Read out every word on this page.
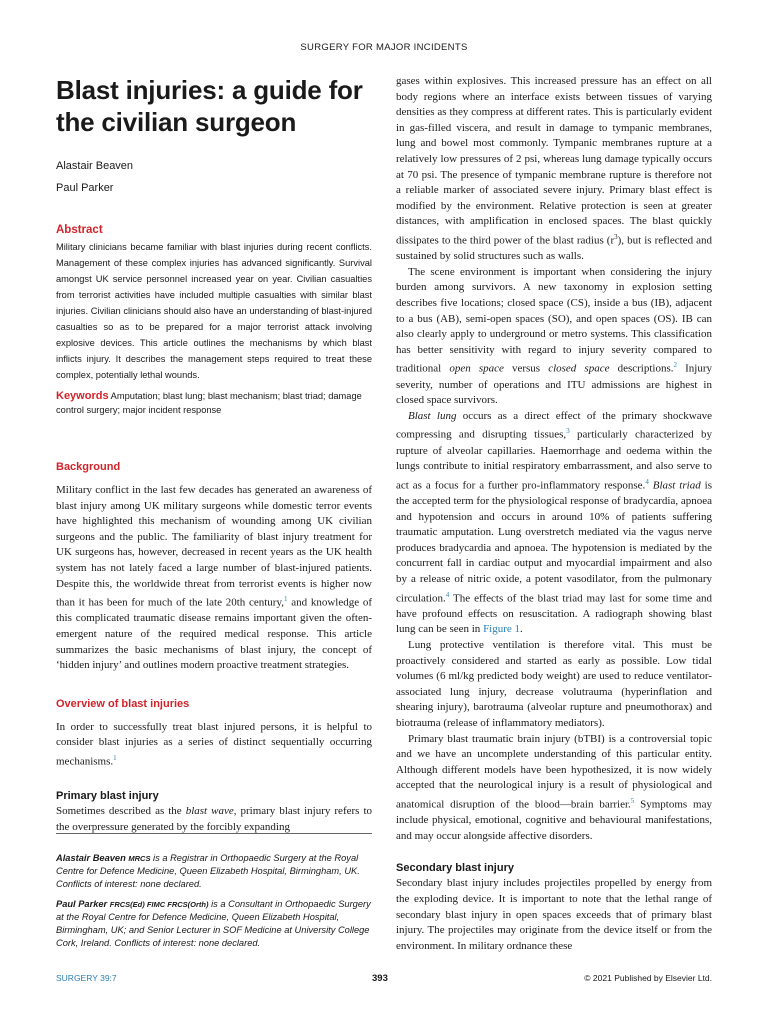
SURGERY FOR MAJOR INCIDENTS
Blast injuries: a guide for the civilian surgeon

Alastair Beaven

Paul Parker

Abstract

Military clinicians became familiar with blast injuries during recent conflicts. Management of these complex injuries has advanced significantly. Survival amongst UK service personnel increased year on year. Civilian casualties from terrorist activities have included multiple casualties with similar blast injuries. Civilian clinicians should also have an understanding of blast-injured casualties so as to be prepared for a major terrorist attack involving explosive devices. This article outlines the mechanisms by which blast inflicts injury. It describes the management steps required to treat these complex, potentially lethal wounds.

Keywords Amputation; blast lung; blast mechanism; blast triad; damage control surgery; major incident response

Background

Military conflict in the last few decades has generated an awareness of blast injury among UK military surgeons while domestic terror events have highlighted this mechanism of wounding among UK civilian surgeons and the public. The familiarity of blast injury treatment for UK surgeons has, however, decreased in recent years as the UK health system has not lately faced a large number of blast-injured patients. Despite this, the worldwide threat from terrorist events is higher now than it has been for much of the late 20th century,$^1$ and knowledge of this complicated traumatic disease remains important given the often-emergent nature of the required medical response. This article summarizes the basic mechanisms of blast injury, the concept of ‘hidden injury’ and outlines modern proactive treatment strategies.

Overview of blast injuries

In order to successfully treat blast injured persons, it is helpful to consider blast injuries as a series of distinct sequentially occurring mechanisms.$^1$

Primary blast injury

Sometimes described as the blast wave, primary blast injury refers to the overpressure generated by the forcibly expanding

Alastair Beaven MRCS is a Registrar in Orthopaedic Surgery at the Royal Centre for Defence Medicine, Queen Elizabeth Hospital, Birmingham, UK. Conflicts of interest: none declared.

Paul Parker FRCS(Ed) FIMC FRCS(Orth) is a Consultant in Orthopaedic Surgery at the Royal Centre for Defence Medicine, Queen Elizabeth Hospital, Birmingham, UK; and Senior Lecturer in SOF Medicine at University College Cork, Ireland. Conflicts of interest: none declared.

gases within explosives. This increased pressure has an effect on all body regions where an interface exists between tissues of varying densities as they compress at different rates. This is particularly evident in gas-filled viscera, and result in damage to tympanic membranes, lung and bowel most commonly. Tympanic membranes rupture at a relatively low pressures of 2 psi, whereas lung damage typically occurs at 70 psi. The presence of tympanic membrane rupture is therefore not a reliable marker of associated severe injury. Primary blast effect is modified by the environment. Relative protection is seen at greater distances, with amplification in enclosed spaces. The blast quickly dissipates to the third power of the blast radius $(r^3)$, but is reflected and sustained by solid structures such as walls.

The scene environment is important when considering the injury burden among survivors. A new taxonomy in explosion setting describes five locations; closed space (CS), inside a bus (IB), adjacent to a bus (AB), semi-open spaces (SO), and open spaces (OS). IB can also clearly apply to underground or metro systems. This classification has better sensitivity with regard to injury severity compared to traditional open space versus closed space descriptions.$^2$ Injury severity, number of operations and ITU admissions are highest in closed space survivors.

Blast lung occurs as a direct effect of the primary shockwave compressing and disrupting tissues,$^3$ particularly characterized by rupture of alveolar capillaries. Haemorrhage and oedema within the lungs contribute to initial respiratory embarrassment, and also serve to act as a focus for a further pro-inflammatory response.$^4$ Blast triad is the accepted term for the physiological response of bradycardia, apnoea and hypotension and occurs in around 10% of patients suffering traumatic amputation. Lung overstretch mediated via the vagus nerve produces bradycardia and apnoea. The hypotension is mediated by the concurrent fall in cardiac output and myocardial impairment and also by a release of nitric oxide, a potent vasodilator, from the pulmonary circulation.$^4$ The effects of the blast triad may last for some time and have profound effects on resuscitation. A radiograph showing blast lung can be seen in Figure 1.

Lung protective ventilation is therefore vital. This must be proactively considered and started as early as possible. Low tidal volumes (6 ml/kg predicted body weight) are used to reduce ventilator-associated lung injury, decrease volutrauma (hyperinflation and shearing injury), barotrauma (alveolar rupture and pneumothorax) and biotrauma (release of inflammatory mediators).

Primary blast traumatic brain injury (bTBI) is a controversial topic and we have an uncomplete understanding of this particular entity. Although different models have been hypothesized, it is now widely accepted that the neurological injury is a result of physiological and anatomical disruption of the blood—brain barrier.$^5$ Symptoms may include physical, emotional, cognitive and behavioural manifestations, and may occur alongside affective disorders.

Secondary blast injury

Secondary blast injury includes projectiles propelled by energy from the exploding device. It is important to note that the lethal range of secondary blast injury in open spaces exceeds that of primary blast injury. The projectiles may originate from the device itself or from the environment. In military ordnance these

SURGERY 39:7	393	© 2021 Published by Elsevier Ltd.
